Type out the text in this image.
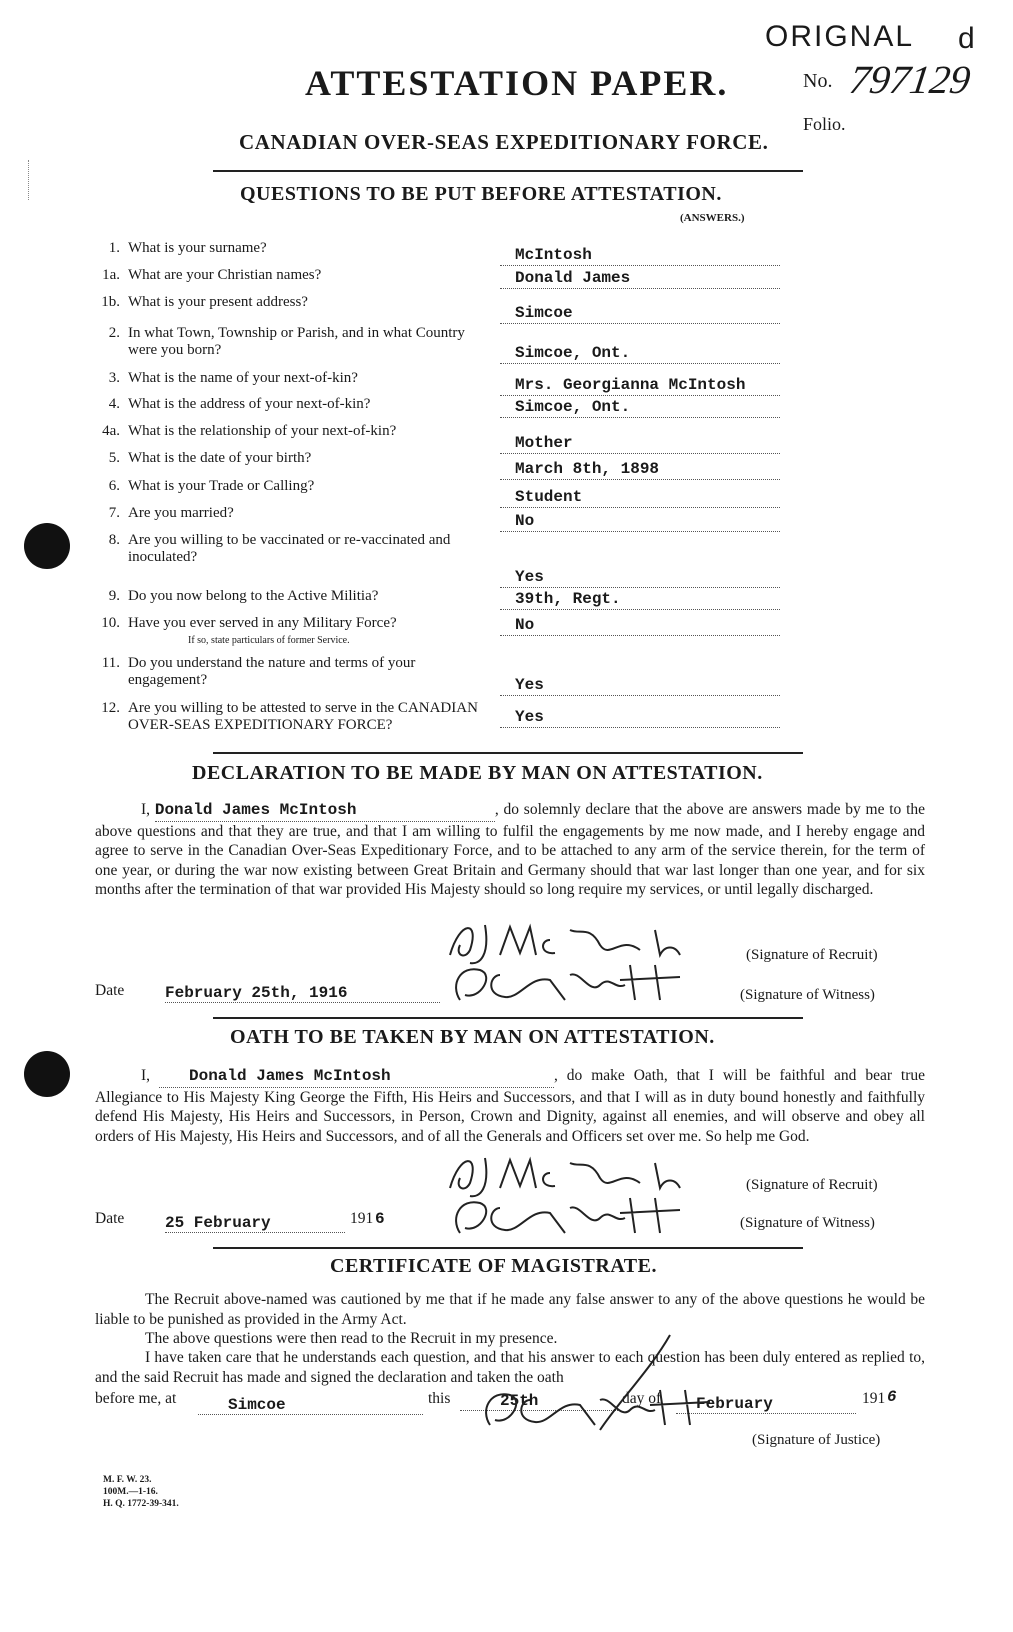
ATTESTATION PAPER.
CANADIAN OVER-SEAS EXPEDITIONARY FORCE.
ORIGNAL d
No. 797129
Folio.
QUESTIONS TO BE PUT BEFORE ATTESTATION.
(ANSWERS.)
1. What is your surname?	McIntosh
1a. What are your Christian names?	Donald James
1b. What is your present address?
Simcoe
2. In what Town, Township or Parish, and in what Country were you born?	Simcoe, Ont.
3. What is the name of your next-of-kin?	Mrs. Georgianna McIntosh
4. What is the address of your next-of-kin?	Simcoe, Ont.
4a. What is the relationship of your next-of-kin?
Mother
5. What is the date of your birth?
March 8th, 1898
6. What is your Trade or Calling?
Student
7. Are you married?	No
8. Are you willing to be vaccinated or re-vaccinated and inoculated?
Yes
9. Do you now belong to the Active Militia?	39th, Regt.
10. Have you ever served in any Military Force?
If so, state particulars of former Service.
No
11. Do you understand the nature and terms of your engagement?	Yes
12. Are you willing to be attested to serve in the CANADIAN OVER-SEAS EXPEDITIONARY FORCE?	Yes
DECLARATION TO BE MADE BY MAN ON ATTESTATION.
I, Donald James McIntosh	, do solemnly declare that the above are answers made by me to the above questions and that they are true, and that I am willing to fulfil the engagements by me now made, and I hereby engage and agree to serve in the Canadian Over-Seas Expeditionary Force, and to be attached to any arm of the service therein, for the term of one year, or during the war now existing between Great Britain and Germany should that war last longer than one year, and for six months after the termination of that war provided His Majesty should so long require my services, or until legally discharged.
(Signature of Recruit)
Date	February 25th, 1916	(Signature of Witness)
OATH TO BE TAKEN BY MAN ON ATTESTATION.
I, Donald James McIntosh	, do make Oath, that I will be faithful and bear true Allegiance to His Majesty King George the Fifth, His Heirs and Successors, and that I will as in duty bound honestly and faithfully defend His Majesty, His Heirs and Successors, in Person, Crown and Dignity, against all enemies, and will observe and obey all orders of His Majesty, His Heirs and Successors, and of all the Generals and Officers set over me. So help me God.
(Signature of Recruit)
Date	25 February	191 6	(Signature of Witness)
CERTIFICATE OF MAGISTRATE.
The Recruit above-named was cautioned by me that if he made any false answer to any of the above questions he would be liable to be punished as provided in the Army Act.
The above questions were then read to the Recruit in my presence.
I have taken care that he understands each question, and that his answer to each question has been duly entered as replied to, and the said Recruit has made and signed the declaration and taken the oath
before me, at	Simcoe	this	25th	day of	February	191 6
(Signature of Justice)
M. F. W. 23.
100M.—1-16.
H. Q. 1772-39-341.
